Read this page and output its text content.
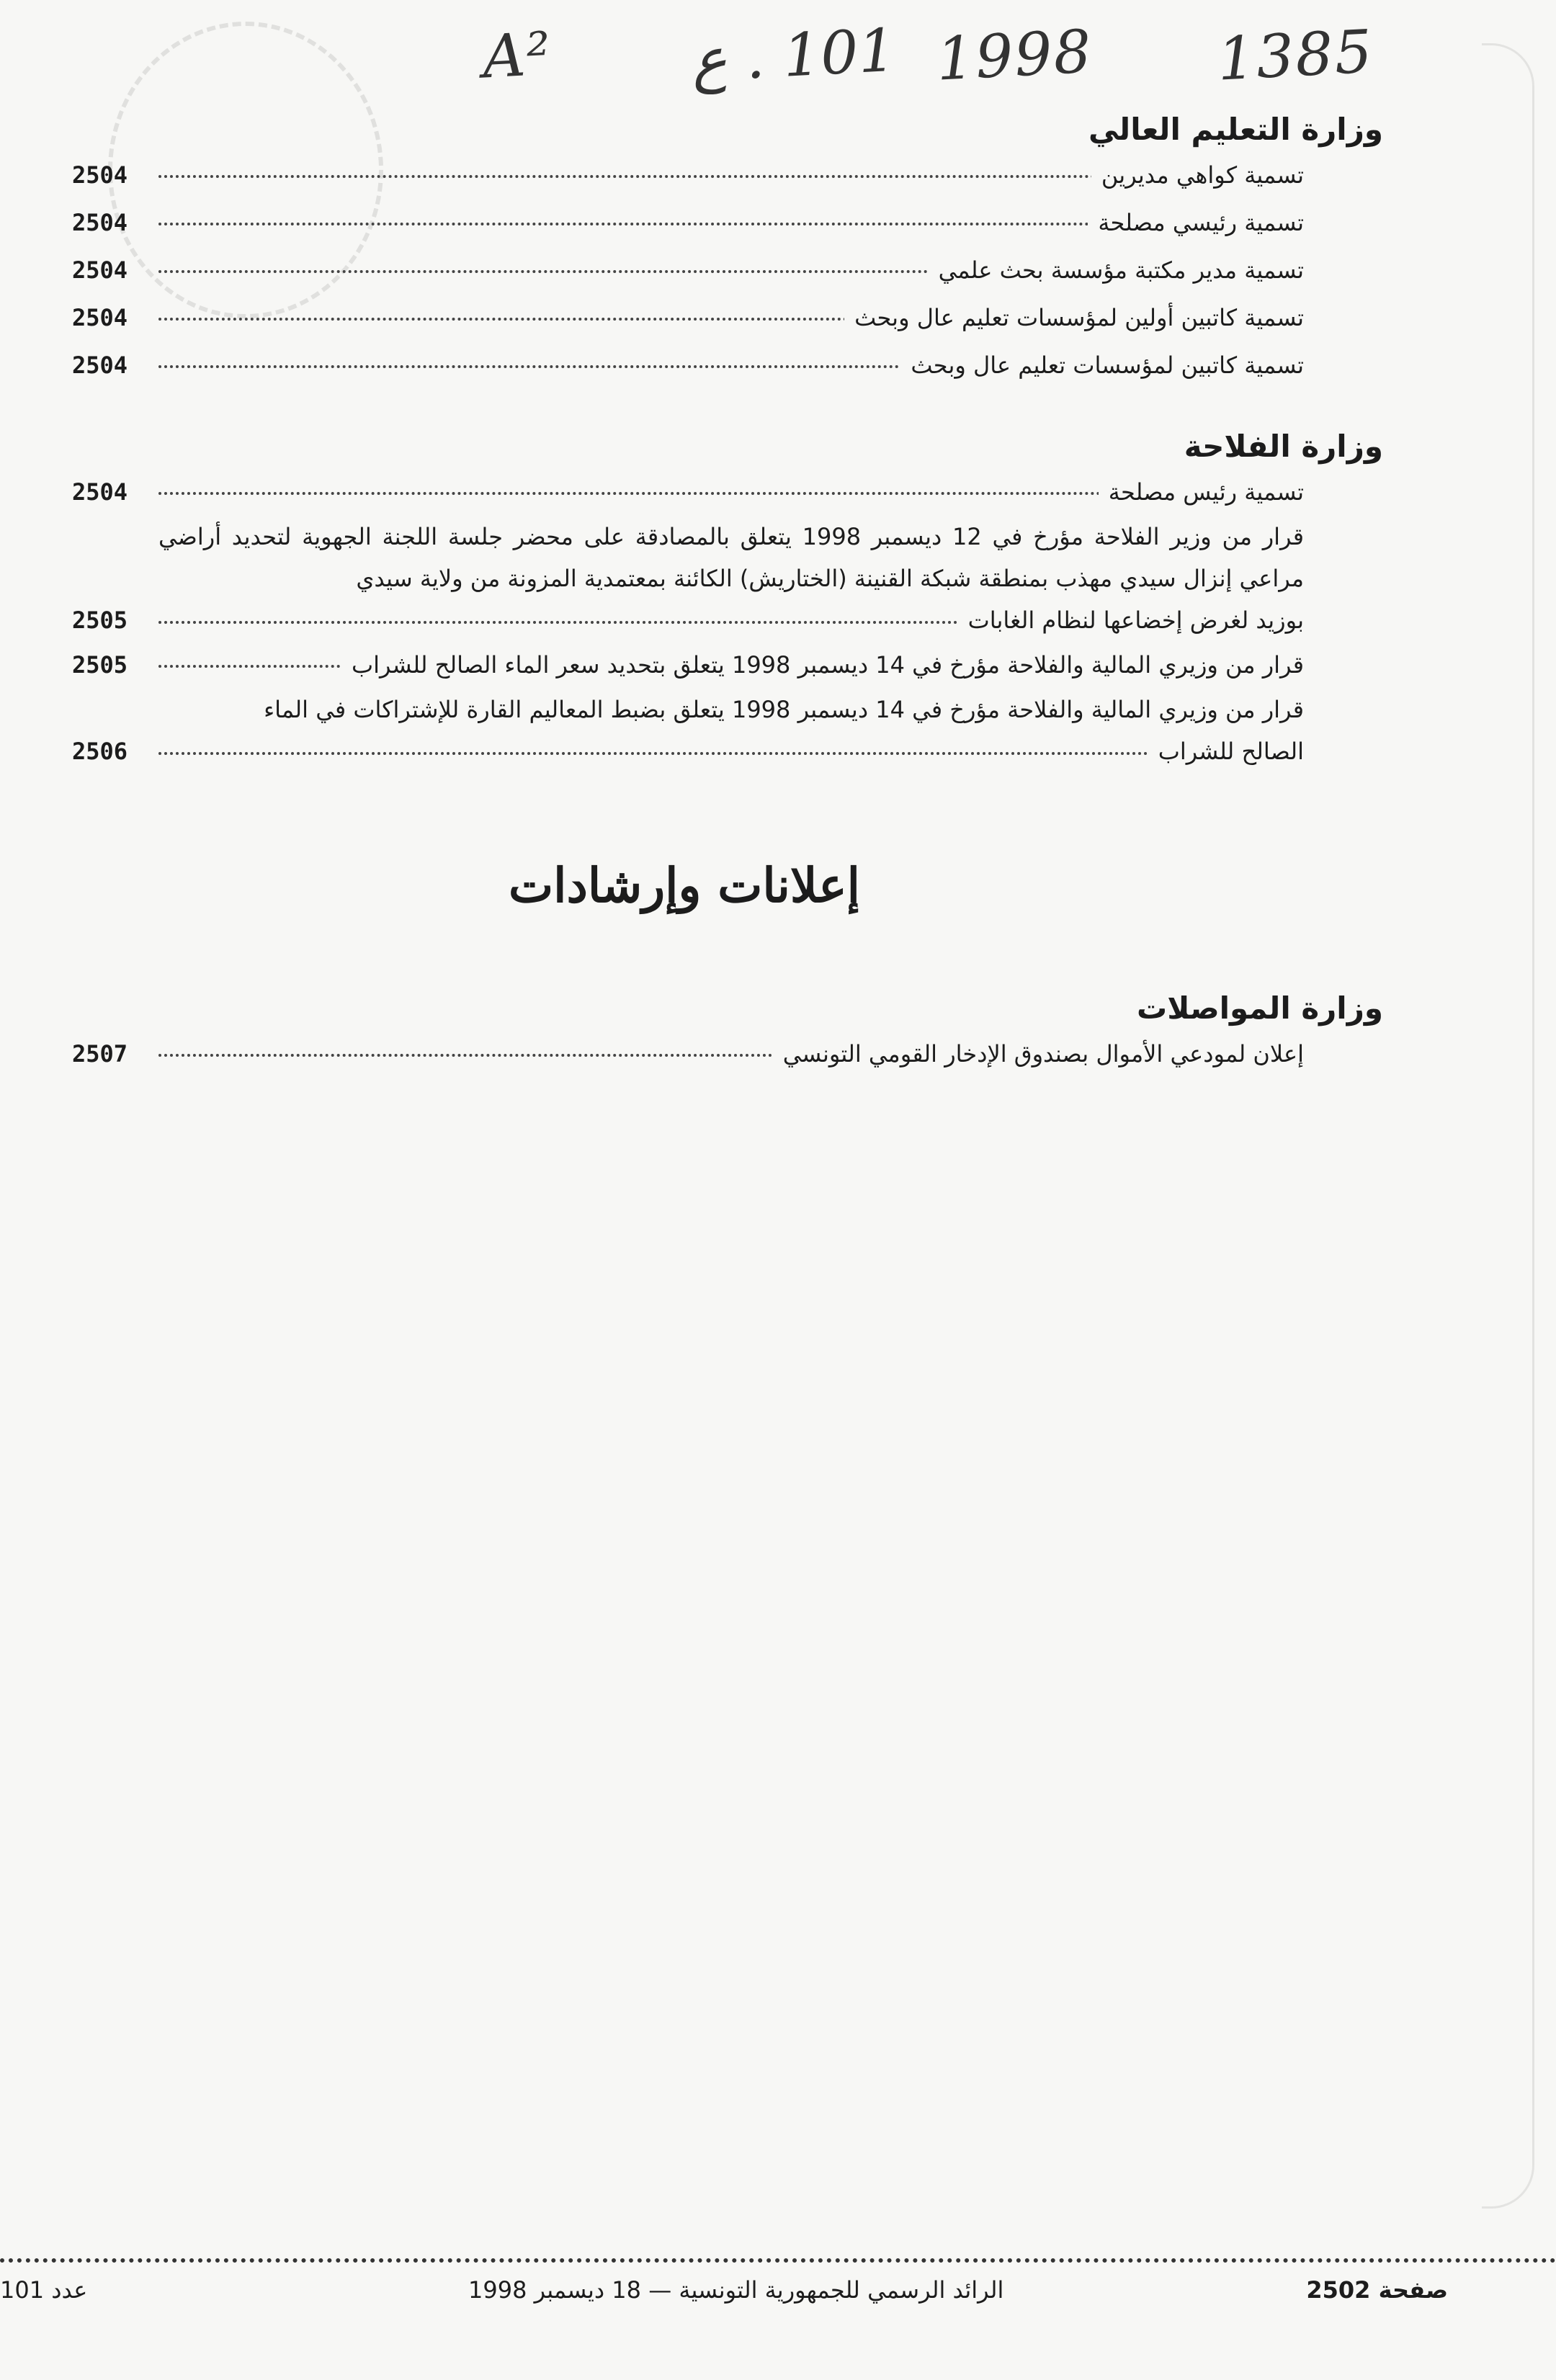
A² 101 . ع 1998 1385
وزارة التعليم العالي
تسمية كواهي مديرين
2504
تسمية رئيسي مصلحة
2504
تسمية مدير مكتبة مؤسسة بحث علمي
2504
تسمية كاتبين أولين لمؤسسات تعليم عال وبحث
2504
تسمية كاتبين لمؤسسات تعليم عال وبحث
2504
وزارة الفلاحة
تسمية رئيس مصلحة
2504
قرار من وزير الفلاحة مؤرخ في 12 ديسمبر 1998 يتعلق بالمصادقة على محضر جلسة اللجنة الجهوية لتحديد أراضي مراعي إنزال سيدي مهذب بمنطقة شبكة القنينة (الختاريش) الكائنة بمعتمدية المزونة من ولاية سيدي
بوزيد لغرض إخضاعها لنظام الغابات
2505
قرار من وزيري المالية والفلاحة مؤرخ في 14 ديسمبر 1998 يتعلق بتحديد سعر الماء الصالح للشراب
2505
قرار من وزيري المالية والفلاحة مؤرخ في 14 ديسمبر 1998 يتعلق بضبط المعاليم القارة للإشتراكات في الماء
الصالح للشراب
2506
إعلانات وإرشادات
وزارة المواصلات
إعلان لمودعي الأموال بصندوق الإدخار القومي التونسي
2507
صفحة 2502
الرائد الرسمي للجمهورية التونسية — 18 ديسمبر 1998
عدد 101
